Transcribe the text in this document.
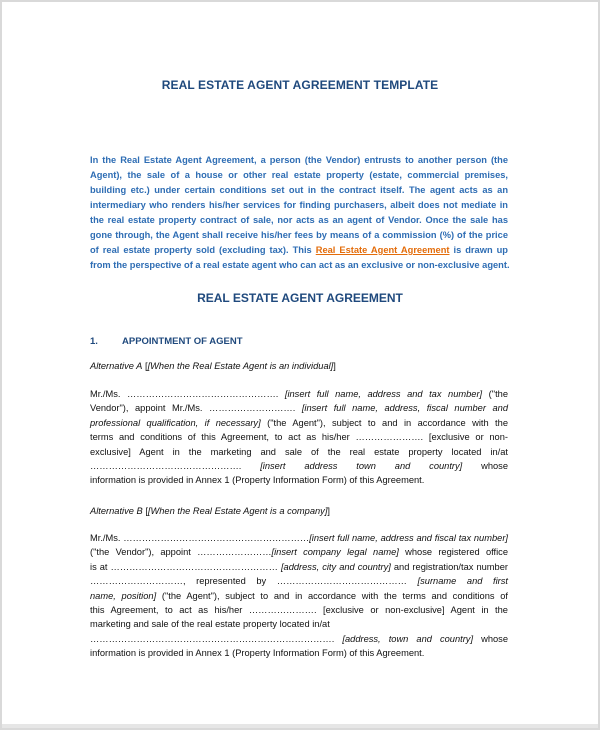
REAL ESTATE AGENT AGREEMENT TEMPLATE
In the Real Estate Agent Agreement, a person (the Vendor) entrusts to another person (the
Agent), the sale of a house or other real estate property (estate, commercial premises,
building etc.) under certain conditions set out in the contract itself. The agent acts as an
intermediary who renders his/her services for finding purchasers, albeit does not mediate in
the real estate property contract of sale, nor acts as an agent of Vendor. Once the sale has
gone through, the Agent shall receive his/her fees by means of a commission (%) of the price
of real estate property sold (excluding tax). This Real Estate Agent Agreement is drawn up
from the perspective of a real estate agent who can act as an exclusive or non-exclusive agent.
REAL ESTATE AGENT AGREEMENT
1.	APPOINTMENT OF AGENT
Alternative A [[When the Real Estate Agent is an individual]]
Mr./Ms. …………………………………………. [insert full name, address and tax number] ("the
Vendor"), appoint Mr./Ms. ………………………. [insert full name, address, fiscal number and
professional qualification, if necessary] ("the Agent"), subject to and in accordance with the
terms and conditions of this Agreement, to act as his/her …………………. [exclusive or non-
exclusive] Agent in the marketing and sale of the real estate property located in/at
…………………………………………. [insert address town and country] whose
information is provided in Annex 1 (Property Information Form) of this Agreement.
Alternative B [[When the Real Estate Agent is a company]]
Mr./Ms. ……………………………………………………[insert full name, address and fiscal tax number]
("the Vendor"), appoint ……………………[insert company legal name] whose registered office
is at ……………………………………………… [address, city and country] and registration/tax number
…………………………, represented by …………………………………… [surname and first
name, position] ("the Agent"), subject to and in accordance with the terms and conditions of
this Agreement, to act as his/her …………………. [exclusive or non-exclusive] Agent in the
marketing and sale of the real estate property located in/at
……………………………………………………………………. [address, town and country] whose
information is provided in Annex 1 (Property Information Form) of this Agreement.
